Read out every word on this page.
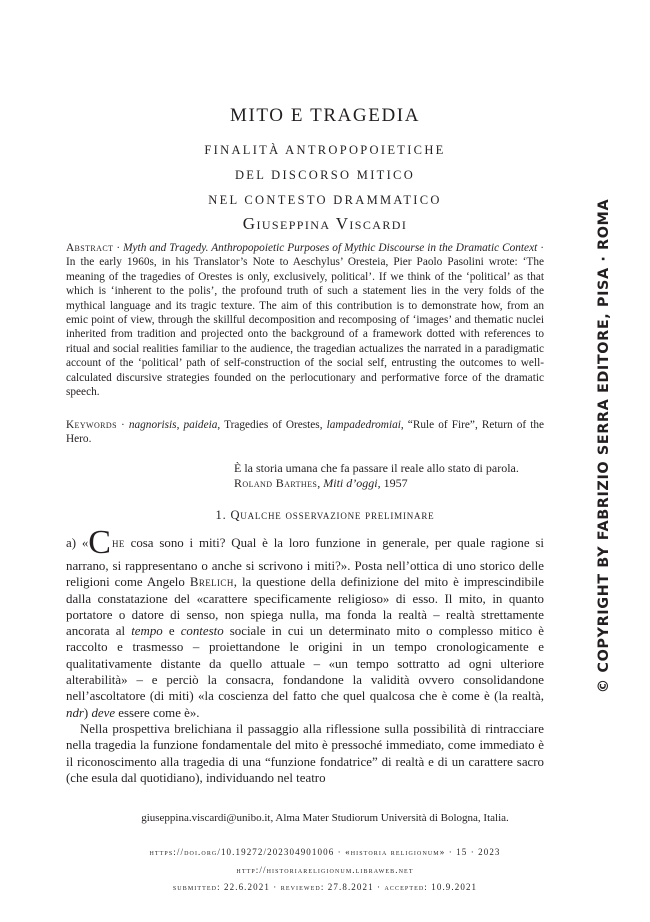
MITO E TRAGEDIA
FINALITÀ ANTROPOPOIETICHE
DEL DISCORSO MITICO
NEL CONTESTO DRAMMATICO
Giuseppina Viscardi

Abstract · Myth and Tragedy. Anthropopoietic Purposes of Mythic Discourse in the Dramatic Context · In the early 1960s, in his Translator’s Note to Aeschylus’ Oresteia, Pier Paolo Pasolini wrote: ‘The meaning of the tragedies of Orestes is only, exclusively, political’. If we think of the ‘political’ as that which is ‘inherent to the polis’, the profound truth of such a statement lies in the very folds of the mythical language and its tragic texture. The aim of this contribution is to demonstrate how, from an emic point of view, through the skillful decomposition and recomposing of ‘images’ and thematic nuclei inherited from tradition and projected onto the background of a framework dotted with references to ritual and social realities familiar to the audience, the tragedian actualizes the narrated in a paradigmatic account of the ‘political’ path of self-construction of the social self, entrusting the outcomes to well-calculated discursive strategies founded on the perlocutionary and performative force of the dramatic speech.

Keywords · nagnorisis, paideia, Tragedies of Orestes, lampadedromiai, “Rule of Fire”, Return of the Hero.

È la storia umana che fa passare il reale allo stato di parola.
Roland Barthes, Miti d’oggi, 1957
1. Qualche osservazione preliminare

a) «Che cosa sono i miti? Qual è la loro funzione in generale, per quale ragione si narrano, si rappresentano o anche si scrivono i miti?». Posta nell’ottica di uno storico delle religioni come Angelo Brelich, la questione della definizione del mito è imprescindibile dalla constatazione del «carattere specificamente religioso» di esso. Il mito, in quanto portatore o datore di senso, non spiega nulla, ma fonda la realtà – realtà strettamente ancorata al tempo e contesto sociale in cui un determinato mito o complesso mitico è raccolto e trasmesso – proiettandone le origini in un tempo cronologicamente e qualitativamente distante da quello attuale – «un tempo sottratto ad ogni ulteriore alterabilità» – e perciò la consacra, fondandone la validità ovvero consolidandone nell’ascoltatore (di miti) «la coscienza del fatto che quel qualcosa che è come è (la realtà, ndr) deve essere come è».

Nella prospettiva brelichiana il passaggio alla riflessione sulla possibilità di rintracciare nella tragedia la funzione fondamentale del mito è pressoché immediato, come immediato è il riconoscimento alla tragedia di una “funzione fondatrice” di realtà e di un carattere sacro (che esula dal quotidiano), individuando nel teatro

© COPYRIGHT BY FABRIZIO SERRA EDITORE, PISA · ROMA

giuseppina.viscardi@unibo.it, Alma Mater Studiorum Università di Bologna, Italia.

https://doi.org/10.19272/202304901006 · «historia religionum» · 15 · 2023
http://historiareligionum.libraweb.net
submitted: 22.6.2021 · reviewed: 27.8.2021 · accepted: 10.9.2021
